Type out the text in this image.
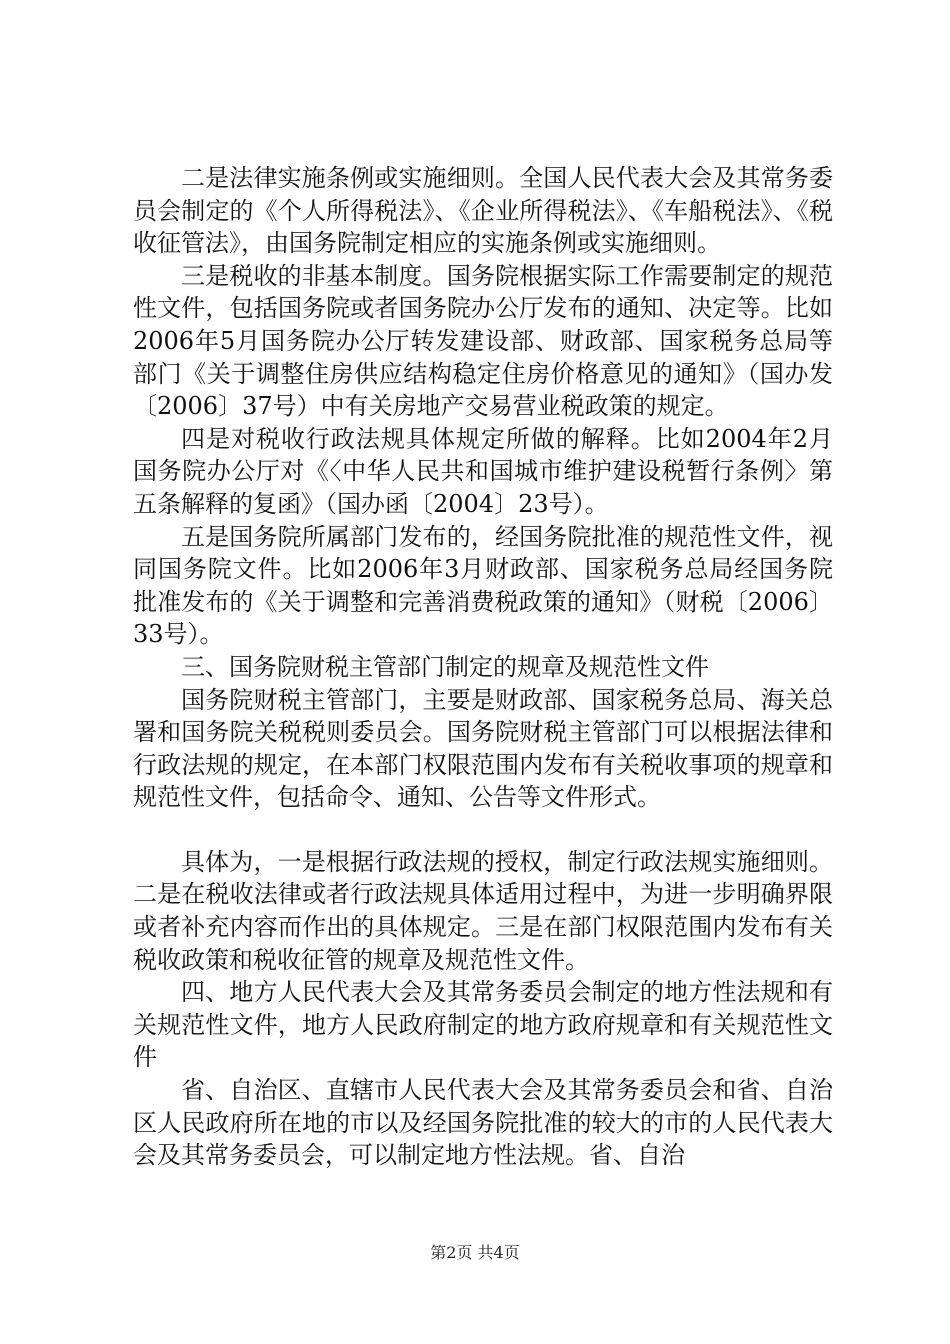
二是法律实施条例或实施细则。全国人民代表大会及其常务委员会制定的《个人所得税法》、《企业所得税法》、《车船税法》、《税收征管法》，由国务院制定相应的实施条例或实施细则。

三是税收的非基本制度。国务院根据实际工作需要制定的规范性文件，包括国务院或者国务院办公厅发布的通知、决定等。比如2006年5月国务院办公厅转发建设部、财政部、国家税务总局等部门《关于调整住房供应结构稳定住房价格意见的通知》（国办发〔2006〕37号）中有关房地产交易营业税政策的规定。

四是对税收行政法规具体规定所做的解释。比如2004年2月国务院办公厅对《〈中华人民共和国城市维护建设税暂行条例〉第五条解释的复函》（国办函〔2004〕23号）。

五是国务院所属部门发布的，经国务院批准的规范性文件，视同国务院文件。比如2006年3月财政部、国家税务总局经国务院批准发布的《关于调整和完善消费税政策的通知》（财税〔2006〕33号）。

三、国务院财税主管部门制定的规章及规范性文件

国务院财税主管部门，主要是财政部、国家税务总局、海关总署和国务院关税税则委员会。国务院财税主管部门可以根据法律和行政法规的规定，在本部门权限范围内发布有关税收事项的规章和规范性文件，包括命令、通知、公告等文件形式。

具体为，一是根据行政法规的授权，制定行政法规实施细则。二是在税收法律或者行政法规具体适用过程中，为进一步明确界限或者补充内容而作出的具体规定。三是在部门权限范围内发布有关税收政策和税收征管的规章及规范性文件。

四、地方人民代表大会及其常务委员会制定的地方性法规和有关规范性文件，地方人民政府制定的地方政府规章和有关规范性文件

省、自治区、直辖市人民代表大会及其常务委员会和省、自治区人民政府所在地的市以及经国务院批准的较大的市的人民代表大会及其常务委员会，可以制定地方性法规。省、自治

第2页 共4页
